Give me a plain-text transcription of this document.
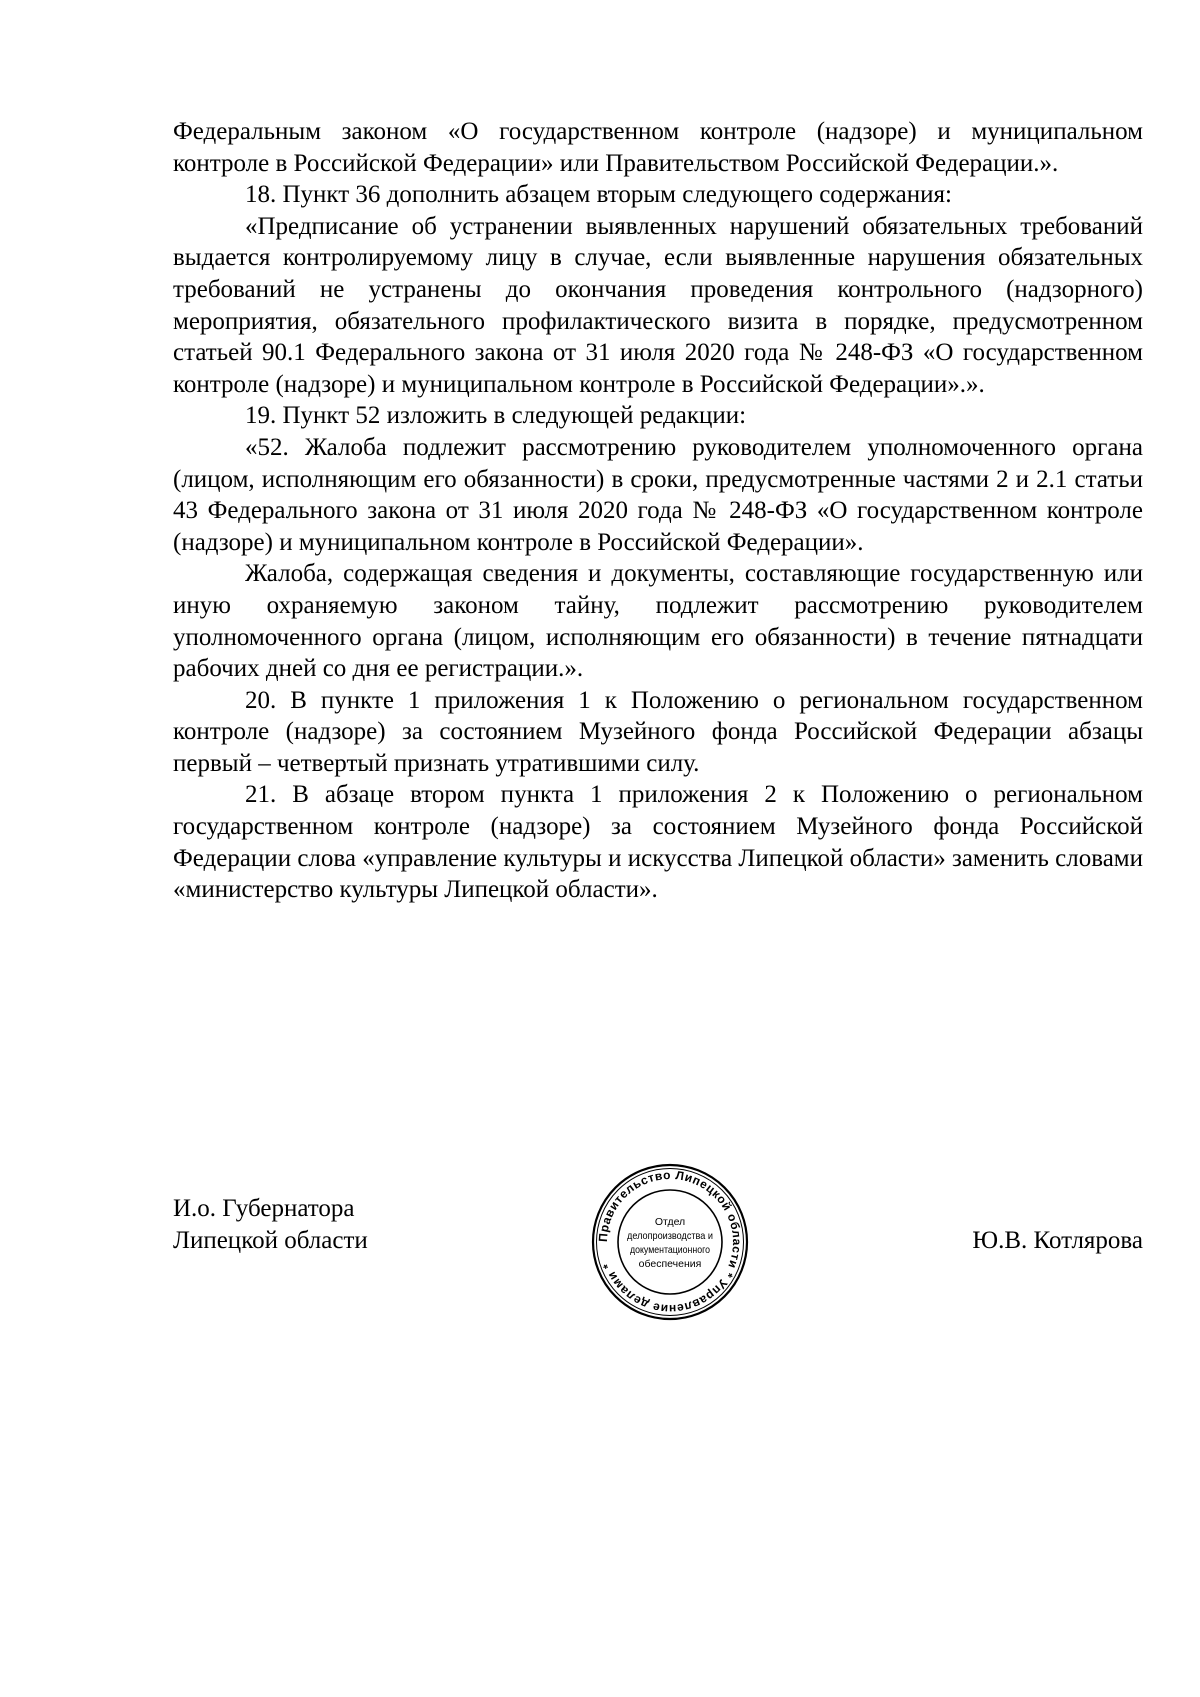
Федеральным законом «О государственном контроле (надзоре) и муниципальном контроле в Российской Федерации» или Правительством Российской Федерации.».

18. Пункт 36 дополнить абзацем вторым следующего содержания:

«Предписание об устранении выявленных нарушений обязательных требований выдается контролируемому лицу в случае, если выявленные нарушения обязательных требований не устранены до окончания проведения контрольного (надзорного) мероприятия, обязательного профилактического визита в порядке, предусмотренном статьей 90.1 Федерального закона от 31 июля 2020 года № 248-ФЗ «О государственном контроле (надзоре) и муниципальном контроле в Российской Федерации».».

19. Пункт 52 изложить в следующей редакции:

«52. Жалоба подлежит рассмотрению руководителем уполномоченного органа (лицом, исполняющим его обязанности) в сроки, предусмотренные частями 2 и 2.1 статьи 43 Федерального закона от 31 июля 2020 года № 248-ФЗ «О государственном контроле (надзоре) и муниципальном контроле в Российской Федерации».

Жалоба, содержащая сведения и документы, составляющие государственную или иную охраняемую законом тайну, подлежит рассмотрению руководителем уполномоченного органа (лицом, исполняющим его обязанности) в течение пятнадцати рабочих дней со дня ее регистрации.».

20. В пункте 1 приложения 1 к Положению о региональном государственном контроле (надзоре) за состоянием Музейного фонда Российской Федерации абзацы первый – четвертый признать утратившими силу.

21. В абзаце втором пункта 1 приложения 2 к Положению о региональном государственном контроле (надзоре) за состоянием Музейного фонда Российской Федерации слова «управление культуры и искусства Липецкой области» заменить словами «министерство культуры Липецкой области».

И.о. Губернатора
Липецкой области	Ю.В. Котлярова
Правительство Липецкой области * Управление делами *
Отдел
делопроизводства и
документационного
обеспечения
